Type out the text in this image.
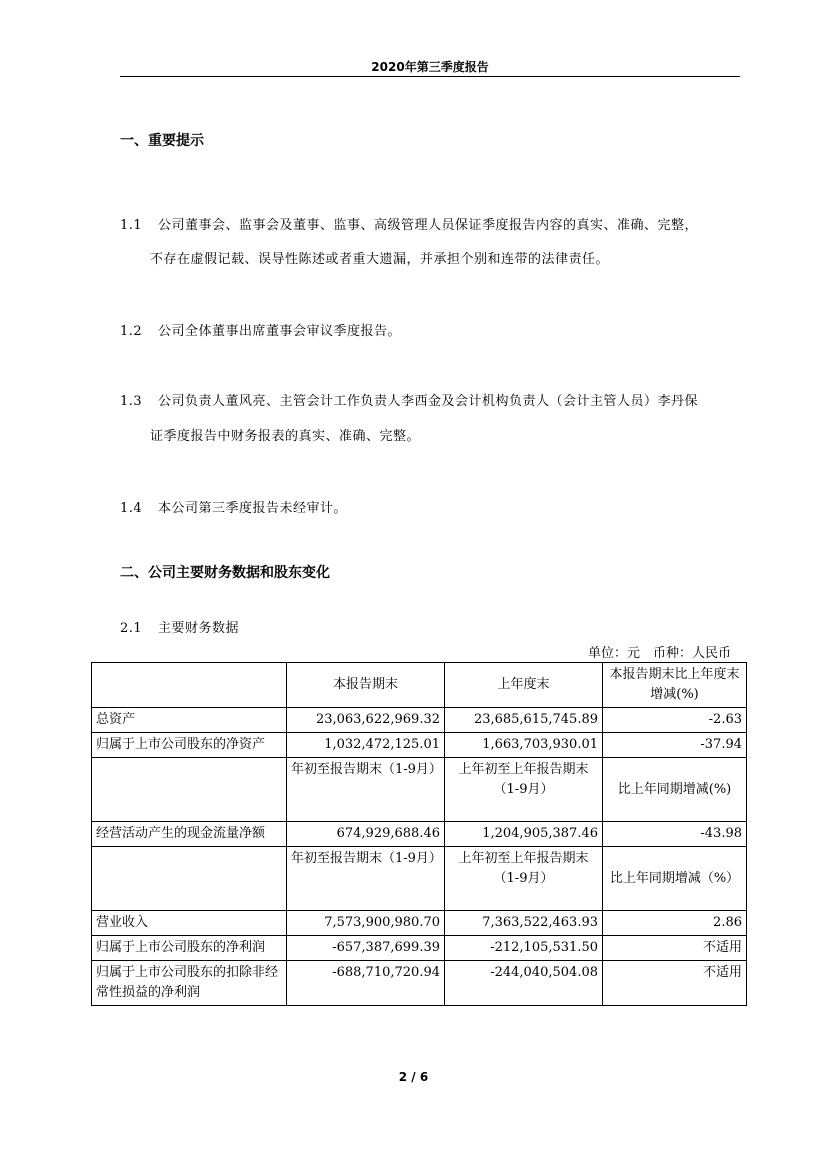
2020年第三季度报告
一、重要提示
1.1 公司董事会、监事会及董事、监事、高级管理人员保证季度报告内容的真实、准确、完整，
不存在虚假记载、误导性陈述或者重大遗漏，并承担个别和连带的法律责任。
1.2 公司全体董事出席董事会审议季度报告。
1.3 公司负责人董风亮、主管会计工作负责人李西金及会计机构负责人（会计主管人员）李丹保
证季度报告中财务报表的真实、准确、完整。
1.4 本公司第三季度报告未经审计。
二、公司主要财务数据和股东变化
2.1 主要财务数据
单位：元　币种：人民币
	本报告期末	上年度末	本报告期末比上年度末增减(%)
总资产	23,063,622,969.32	23,685,615,745.89	-2.63
归属于上市公司股东的净资产	1,032,472,125.01	1,663,703,930.01	-37.94
	年初至报告期末（1-9月）	上年初至上年报告期末（1-9月）	比上年同期增减(%)
经营活动产生的现金流量净额	674,929,688.46	1,204,905,387.46	-43.98
	年初至报告期末（1-9月）	上年初至上年报告期末（1-9月）	比上年同期增减（%）
营业收入	7,573,900,980.70	7,363,522,463.93	2.86
归属于上市公司股东的净利润	-657,387,699.39	-212,105,531.50	不适用
归属于上市公司股东的扣除非经常性损益的净利润	-688,710,720.94	-244,040,504.08	不适用
2 / 6
